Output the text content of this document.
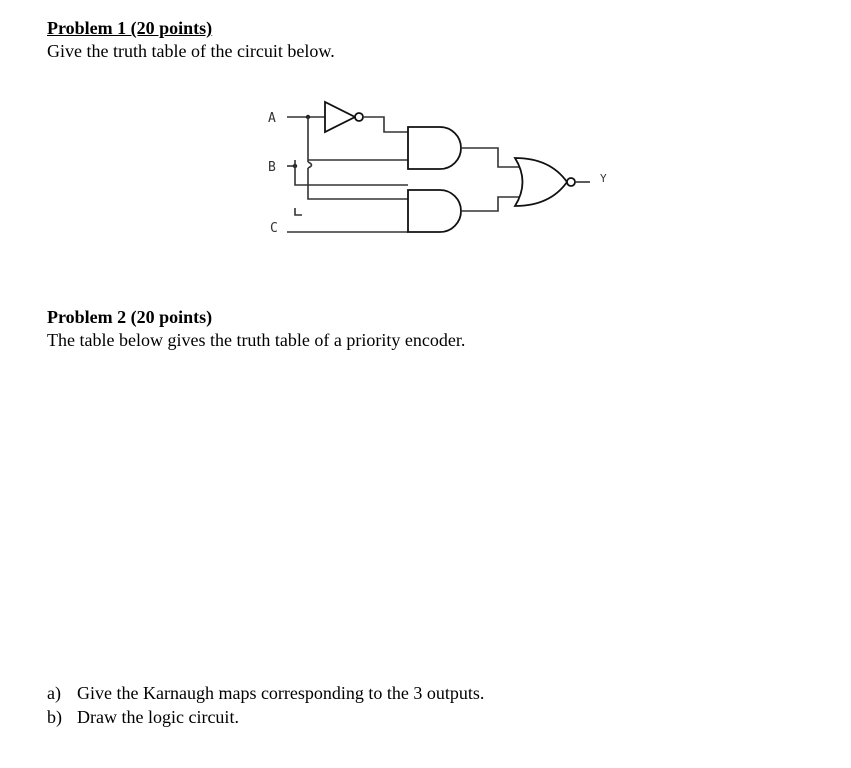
Problem 1 (20 points)
Give the truth table of the circuit below.
A
B
C
Y
Problem 2 (20 points)
The table below gives the truth table of a priority encoder.
a) Give the Karnaugh maps corresponding to the 3 outputs.
b) Draw the logic circuit.
